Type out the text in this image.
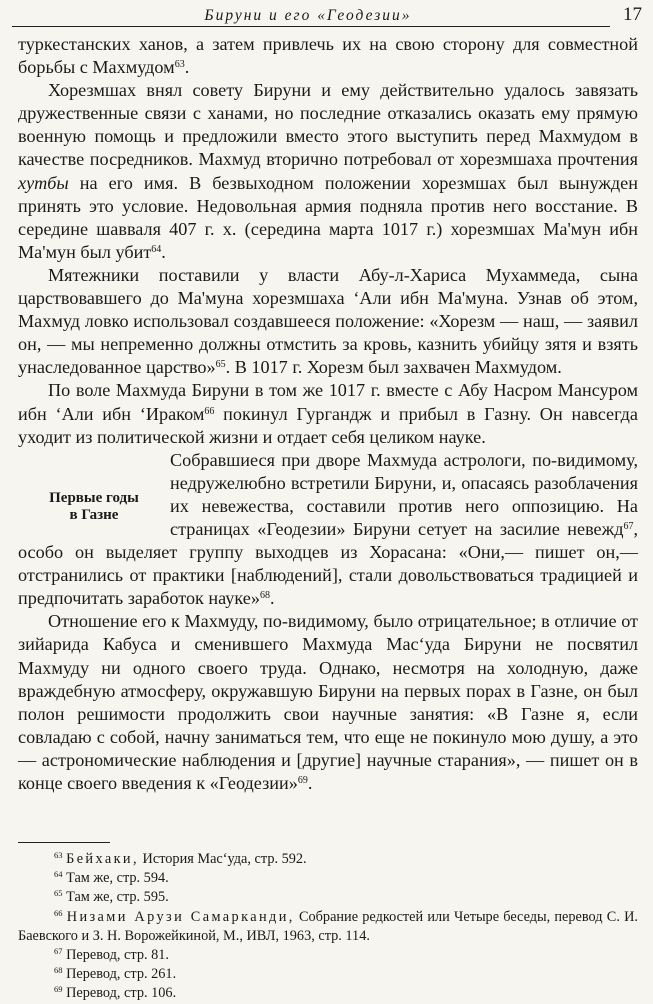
Бируни и его «Геодезии»	17

туркестанских ханов, а затем привлечь их на свою сторону для совместной борьбы с Махмудом$^{63}$.

Хорезмшах внял совету Бируни и ему действительно удалось завязать дружественные связи с ханами, но последние отказались оказать ему прямую военную помощь и предложили вместо этого выступить перед Махмудом в качестве посредников. Махмуд вторично потребовал от хорезмшаха прочтения хутбы на его имя. В безвыходном положении хорезмшах был вынужден принять это условие. Недовольная армия подняла против него восстание. В середине шавваля 407 г. х. (середина марта 1017 г.) хорезмшах Ма'мун ибн Ма'мун был убит$^{64}$.

Мятежники поставили у власти Абу-л-Хариса Мухаммеда, сына царствовавшего до Ма'муна хорезмшаха ‘Али ибн Ма'муна. Узнав об этом, Махмуд ловко использовал создавшееся положение: «Хорезм — наш, — заявил он, — мы непременно должны отмстить за кровь, казнить убийцу зятя и взять унаследованное царство»$^{65}$. В 1017 г. Хорезм был захвачен Махмудом.

По воле Махмуда Бируни в том же 1017 г. вместе с Абу Насром Мансуром ибн ‘Али ибн ‘Ираком$^{66}$ покинул Гургандж и прибыл в Газну. Он навсегда уходит из политической жизни и отдает себя целиком науке.

Первые годы
в Газне

Собравшиеся при дворе Махмуда астрологи, по-видимому, недружелюбно встретили Бируни, и, опасаясь разоблачения их невежества, составили против него оппозицию. На страницах «Геодезии» Бируни сетует на засилие невежд$^{67}$, особо он выделяет группу выходцев из Хорасана: «Они,— пишет он,— отстранились от практики [наблюдений], стали довольствоваться традицией и предпочитать заработок науке»$^{68}$.

Отношение его к Махмуду, по-видимому, было отрицательное; в отличие от зийарида Кабуса и сменившего Махмуда Мас‘уда Бируни не посвятил Махмуду ни одного своего труда. Однако, несмотря на холодную, даже враждебную атмосферу, окружавшую Бируни на первых порах в Газне, он был полон решимости продолжить свои научные занятия: «В Газне я, если совладаю с собой, начну заниматься тем, что еще не покинуло мою душу, а это — астрономические наблюдения и [другие] научные старания», — пишет он в конце своего введения к «Геодезии»$^{69}$.

$^{63}$ Бейхаки, История Мас‘уда, стр. 592.

$^{64}$ Там же, стр. 594.

$^{65}$ Там же, стр. 595.

$^{66}$ Низами Арузи Самарканди, Собрание редкостей или Четыре беседы, перевод С. И. Баевского и З. Н. Ворожейкиной, М., ИВЛ, 1963, стр. 114.

$^{67}$ Перевод, стр. 81.

$^{68}$ Перевод, стр. 261.

$^{69}$ Перевод, стр. 106.
